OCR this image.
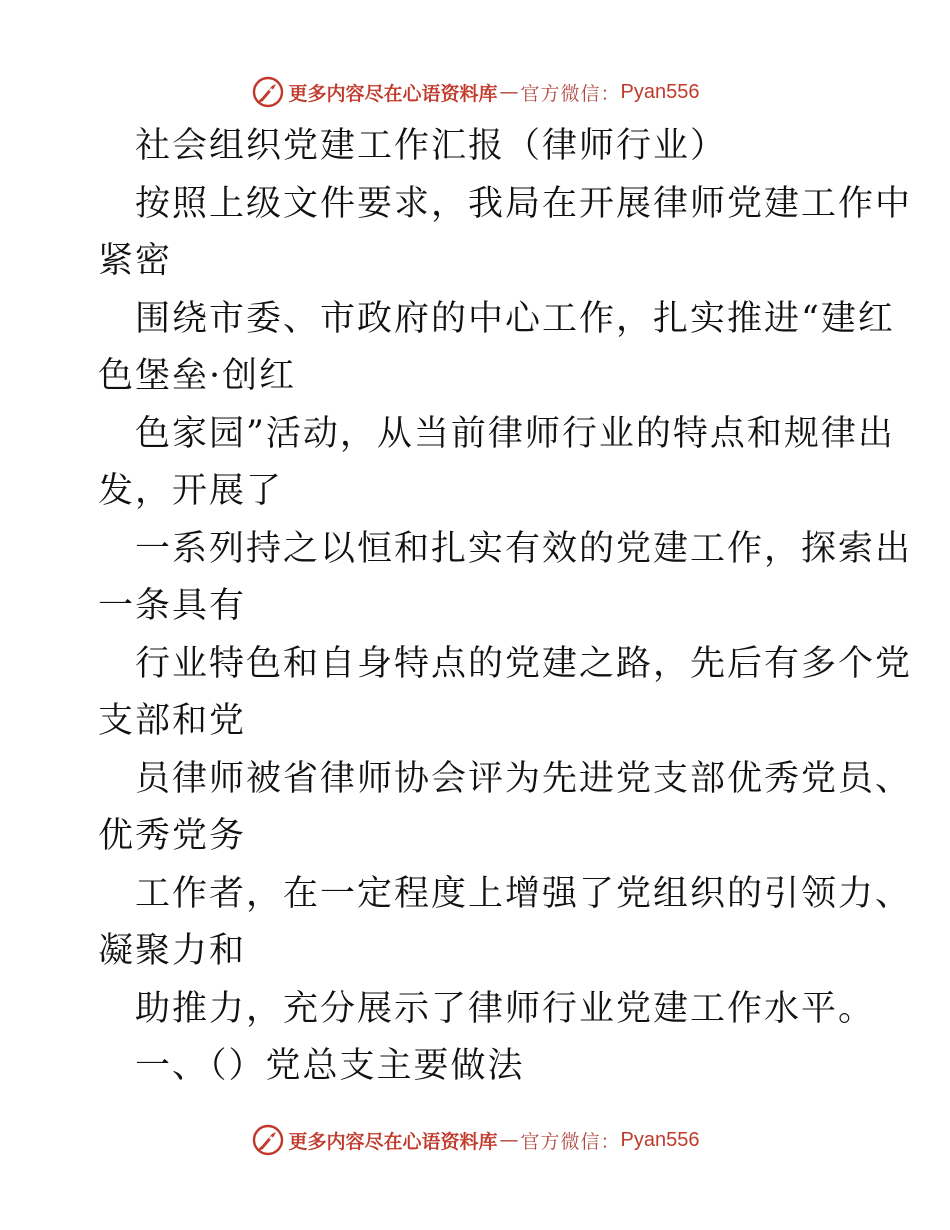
更多内容尽在心语资料库 — 官方微信： Pyan556
社会组织党建工作汇报（律师行业）
按照上级文件要求，我局在开展律师党建工作中
紧密
围绕市委、市政府的中心工作，扎实推进“建红
色堡垒·创红
色家园”活动，从当前律师行业的特点和规律出
发，开展了
一系列持之以恒和扎实有效的党建工作，探索出
一条具有
行业特色和自身特点的党建之路，先后有多个党
支部和党
员律师被省律师协会评为先进党支部优秀党员、
优秀党务
工作者，在一定程度上增强了党组织的引领力、
凝聚力和
助推力，充分展示了律师行业党建工作水平。
一、（）党总支主要做法
更多内容尽在心语资料库 — 官方微信： Pyan556
